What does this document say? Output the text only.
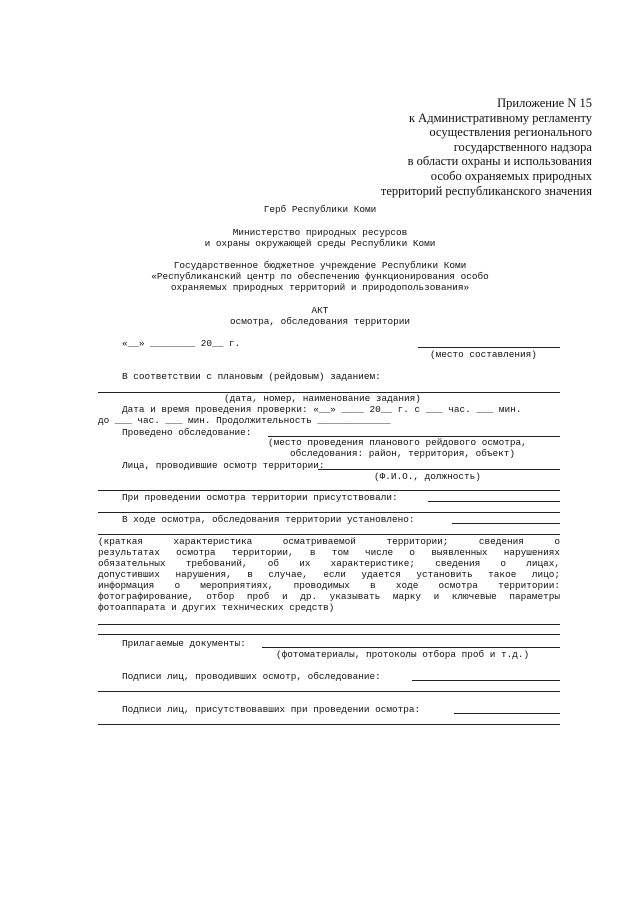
Приложение N 15
к Административному регламенту
осуществления регионального
государственного надзора
в области охраны и использования
особо охраняемых природных
территорий республиканского значения
Герб Республики Коми
Министерство природных ресурсов
и охраны окружающей среды Республики Коми
Государственное бюджетное учреждение Республики Коми
«Республиканский центр по обеспечению функционирования особо
охраняемых природных территорий и природопользования»
АКТ
осмотра, обследования территории
«__» ________ 20__ г.
(место составления)
В соответствии с плановым (рейдовым) заданием:
(дата, номер, наименование задания)
Дата и время проведения проверки: «__» ____ 20__ г. с ___ час. ___ мин.
до ___ час. ___ мин. Продолжительность _____________
Проведено обследование:
(место проведения планового рейдового осмотра,
обследования: район, территория, объект)
Лица, проводившие осмотр территории:
(Ф.И.О., должность)
При проведении осмотра территории присутствовали:
В ходе осмотра, обследования территории установлено:
(краткая характеристика осматриваемой территории; сведения о
результатах осмотра территории, в том числе о выявленных нарушениях
обязательных требований, об их характеристике; сведения о лицах,
допустивших нарушения, в случае, если удается установить такое лицо;
информация о мероприятиях, проводимых в ходе осмотра территории:
фотографирование, отбор проб и др. указывать марку и ключевые параметры
фотоаппарата и других технических средств)
Прилагаемые документы:
(фотоматериалы, протоколы отбора проб и т.д.)
Подписи лиц, проводивших осмотр, обследование:
Подписи лиц, присутствовавших при проведении осмотра:
